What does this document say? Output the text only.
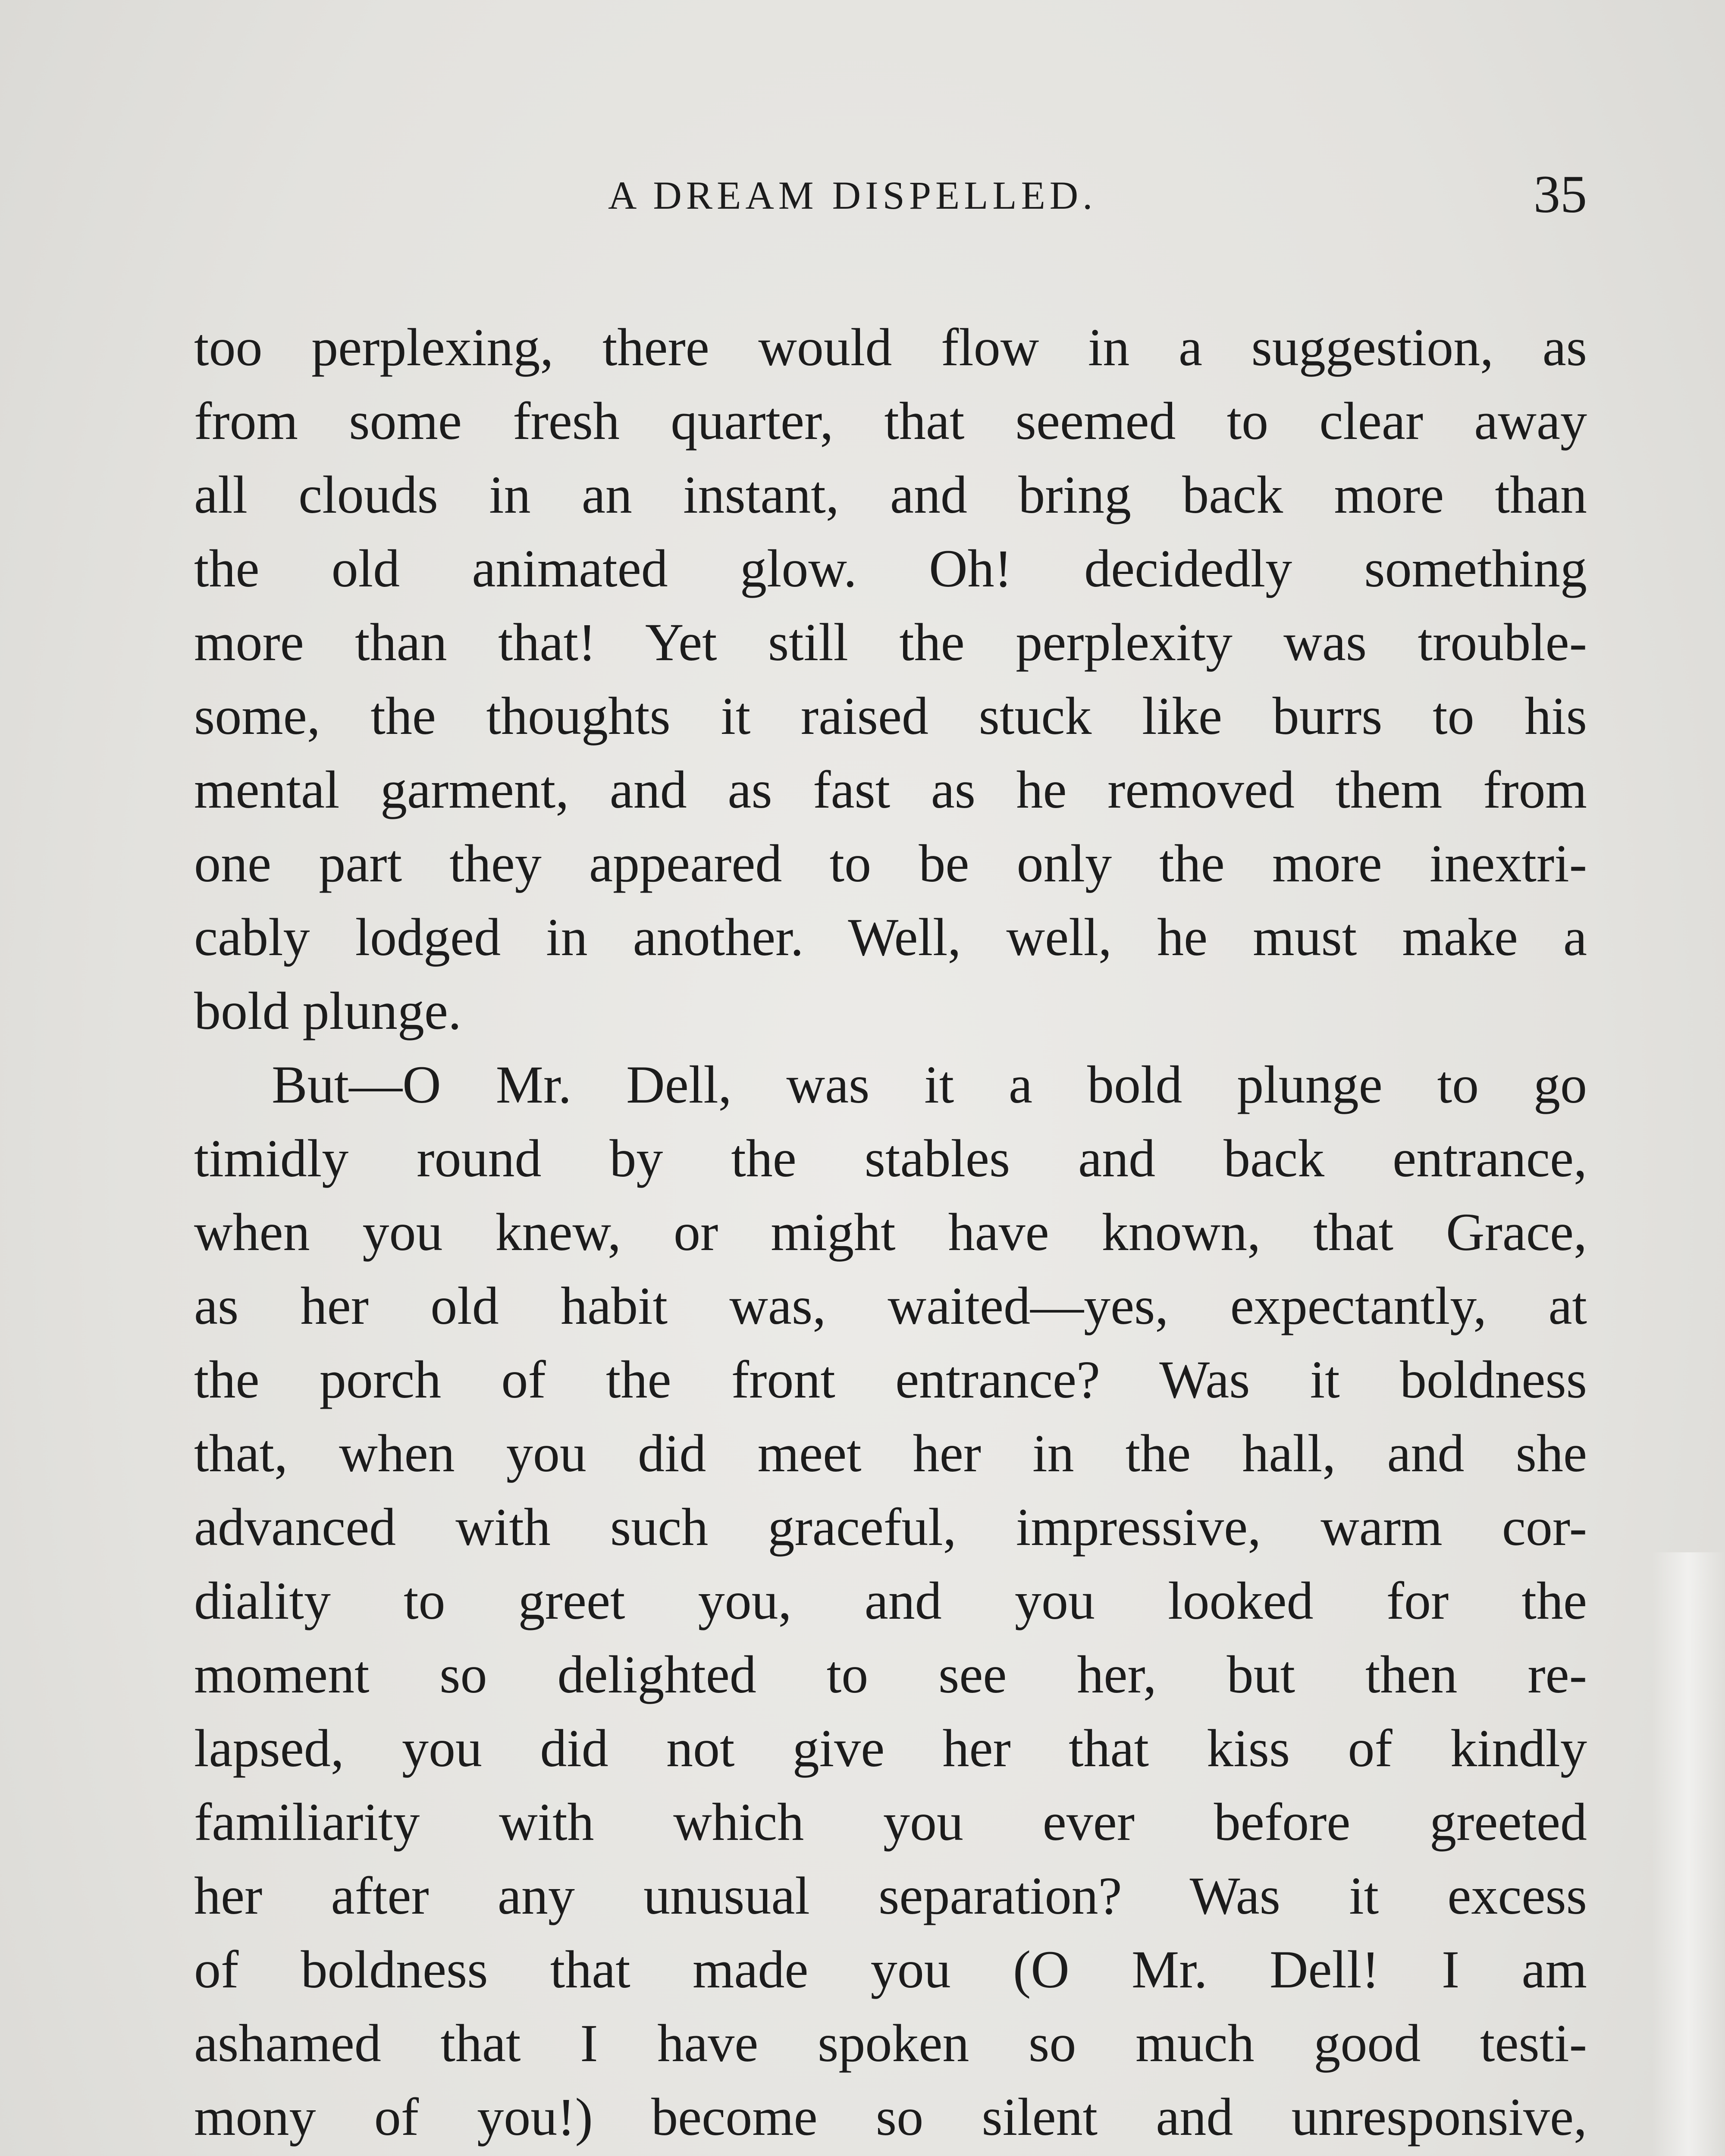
A DREAM DISPELLED.	35
too perplexing, there would flow in a suggestion, as
from some fresh quarter, that seemed to clear away
all clouds in an instant, and bring back more than
the old animated glow. Oh! decidedly something
more than that! Yet still the perplexity was trouble-
some, the thoughts it raised stuck like burrs to his
mental garment, and as fast as he removed them from
one part they appeared to be only the more inextri-
cably lodged in another. Well, well, he must make a
bold plunge.
But—O Mr. Dell, was it a bold plunge to go
timidly round by the stables and back entrance,
when you knew, or might have known, that Grace,
as her old habit was, waited—yes, expectantly, at
the porch of the front entrance? Was it boldness
that, when you did meet her in the hall, and she
advanced with such graceful, impressive, warm cor-
diality to greet you, and you looked for the
moment so delighted to see her, but then re-
lapsed, you did not give her that kiss of kindly
familiarity with which you ever before greeted
her after any unusual separation? Was it excess
of boldness that made you (O Mr. Dell! I am
ashamed that I have spoken so much good testi-
mony of you!) become so silent and unresponsive,
